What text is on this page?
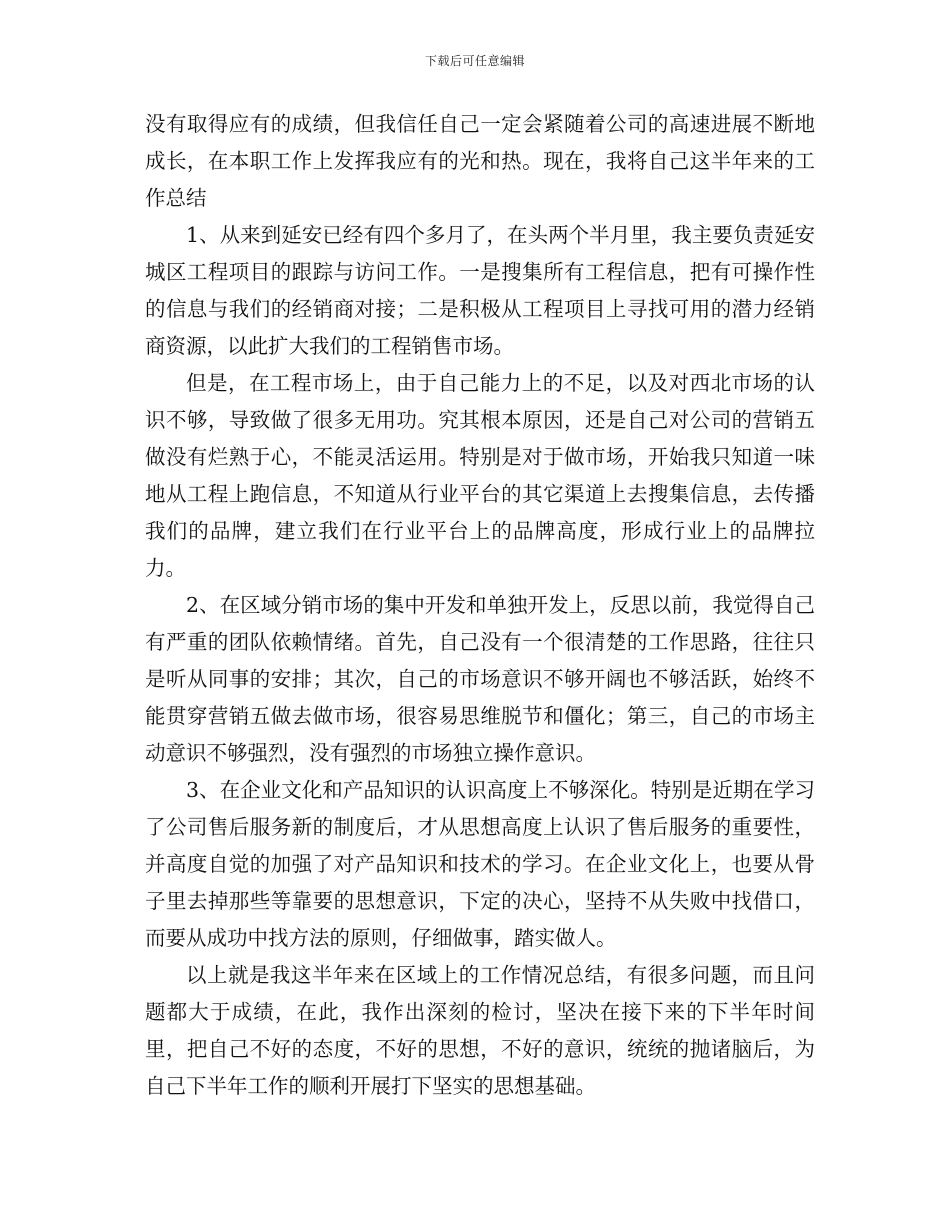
下载后可任意编辑

没有取得应有的成绩，但我信任自己一定会紧随着公司的高速进展不断地成长，在本职工作上发挥我应有的光和热。现在，我将自己这半年来的工作总结

1、从来到延安已经有四个多月了，在头两个半月里，我主要负责延安城区工程项目的跟踪与访问工作。一是搜集所有工程信息，把有可操作性的信息与我们的经销商对接；二是积极从工程项目上寻找可用的潜力经销商资源，以此扩大我们的工程销售市场。

但是，在工程市场上，由于自己能力上的不足，以及对西北市场的认识不够，导致做了很多无用功。究其根本原因，还是自己对公司的营销五做没有烂熟于心，不能灵活运用。特别是对于做市场，开始我只知道一味地从工程上跑信息，不知道从行业平台的其它渠道上去搜集信息，去传播我们的品牌，建立我们在行业平台上的品牌高度，形成行业上的品牌拉力。

2、在区域分销市场的集中开发和单独开发上，反思以前，我觉得自己有严重的团队依赖情绪。首先，自己没有一个很清楚的工作思路，往往只是听从同事的安排；其次，自己的市场意识不够开阔也不够活跃，始终不能贯穿营销五做去做市场，很容易思维脱节和僵化；第三，自己的市场主动意识不够强烈，没有强烈的市场独立操作意识。

3、在企业文化和产品知识的认识高度上不够深化。特别是近期在学习了公司售后服务新的制度后，才从思想高度上认识了售后服务的重要性，并高度自觉的加强了对产品知识和技术的学习。在企业文化上，也要从骨子里去掉那些等靠要的思想意识，下定的决心，坚持不从失败中找借口，而要从成功中找方法的原则，仔细做事，踏实做人。

以上就是我这半年来在区域上的工作情况总结，有很多问题，而且问题都大于成绩，在此，我作出深刻的检讨，坚决在接下来的下半年时间里，把自己不好的态度，不好的思想，不好的意识，统统的抛诸脑后，为自己下半年工作的顺利开展打下坚实的思想基础。
